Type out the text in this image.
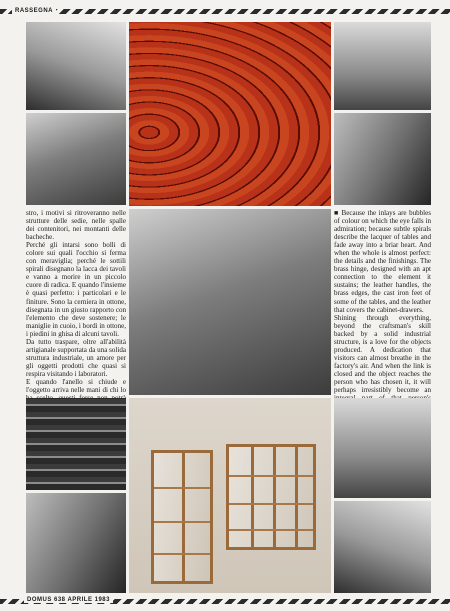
RASSEGNA

stro, i motivi si ritroveranno nelle strutture delle sedie, nelle spalle dei contenitori, nei montanti delle bacheche.

Perché gli intarsi sono bolli di colore sui quali l'occhio si ferma con meraviglia; perché le sottili spirali disegnano la lacca dei tavoli e vanno a morire in un piccolo cuore di radica. E quando l'insieme è quasi perfetto: i particolari e le finiture. Sono la cerniera in ottone, disegnata in un giusto rapporto con l'elemento che deve sostenere; le maniglie in cuoio, i bordi in ottone, i piedini in ghisa di alcuni tavoli.

Da tutto traspare, oltre all'abilità artigianale supportata da una solida struttura industriale, un amore per gli oggetti prodotti che quasi si respira visitando i laboratori.

E quando l'anello si chiude e l'oggetto arriva nelle mani di chi lo

■ Because the inlays are bubbles of colour on which the eye falls in admiration; because subtle spirals describe the lacquer of tables and fade away into a briar heart. And when the whole is almost perfect: the details and the finishings. The brass hinge, designed with an apt connection to the element it sustains; the leather handles, the brass edges, the cast iron feet of some of the tables, and the leather that covers the cabinet-drawers.

Shining through everything, beyond the craftsman's skill backed by a solid industrial structure, is a love for the objects produced. A dedication that visitors can almost breathe in the factory's air. And when the link is closed and the object reaches the person who has chosen it, it will perhaps irresistibly become an

DOMUS 638 APRILE 1983
